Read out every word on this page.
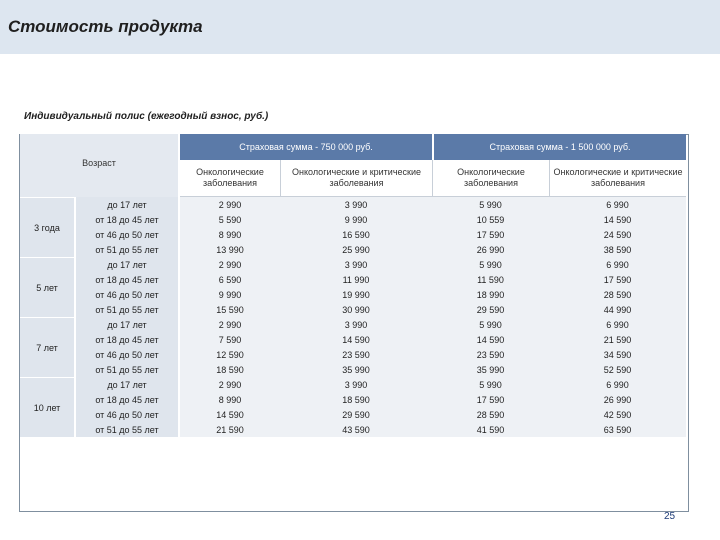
Стоимость продукта
Индивидуальный полис (ежегодный взнос, руб.)
Возраст		Страховая сумма - 750 000 руб.		Страховая сумма - 1 500 000 руб.	
		Онкологические заболевания	Онкологические и критические заболевания	Онкологические заболевания	Онкологические и критические заболевания
3 года	до 17 лет	2 990	3 990	5 990	6 990
	от 18 до 45 лет	5 590	9 990	10 559	14 590
	от 46 до 50 лет	8 990	16 590	17 590	24 590
	от 51 до 55 лет	13 990	25 990	26 990	38 590
5 лет	до 17 лет	2 990	3 990	5 990	6 990
	от 18 до 45 лет	6 590	11 990	11 590	17 590
	от 46 до 50 лет	9 990	19 990	18 990	28 590
	от 51 до 55 лет	15 590	30 990	29 590	44 990
7 лет	до 17 лет	2 990	3 990	5 990	6 990
	от 18 до 45 лет	7 590	14 590	14 590	21 590
	от 46 до 50 лет	12 590	23 590	23 590	34 590
	от 51 до 55 лет	18 590	35 990	35 990	52 590
10 лет	до 17 лет	2 990	3 990	5 990	6 990
	от 18 до 45 лет	8 990	18 590	17 590	26 990
	от 46 до 50 лет	14 590	29 590	28 590	42 590
	от 51 до 55 лет	21 590	43 590	41 590	63 590
25
